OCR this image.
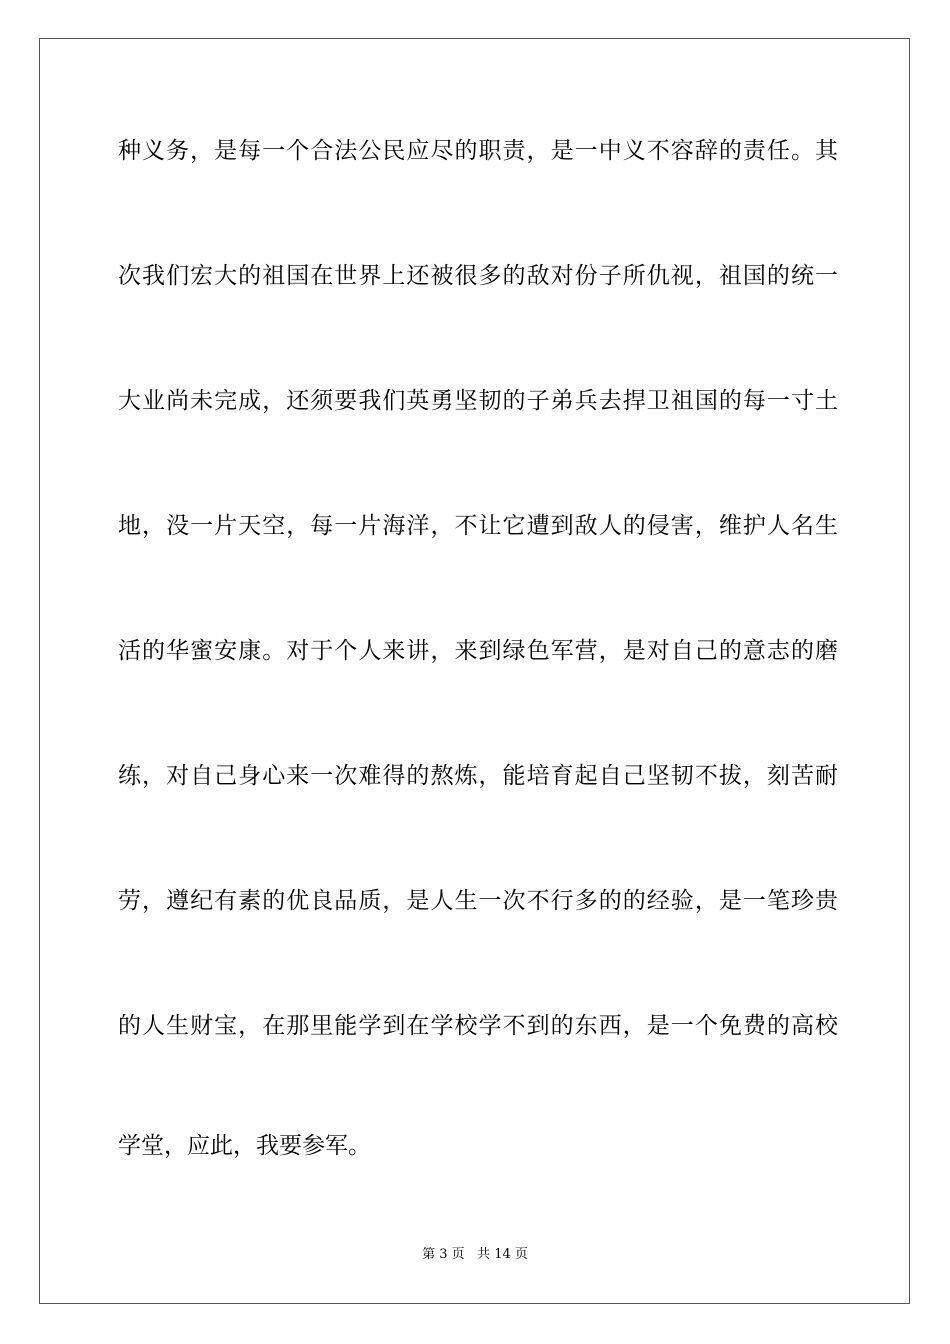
种义务，是每一个合法公民应尽的职责，是一中义不容辞的责任。其
次我们宏大的祖国在世界上还被很多的敌对份子所仇视，祖国的统一
大业尚未完成，还须要我们英勇坚韧的子弟兵去捍卫祖国的每一寸土
地，没一片天空，每一片海洋，不让它遭到敌人的侵害，维护人名生
活的华蜜安康。对于个人来讲，来到绿色军营，是对自己的意志的磨
练，对自己身心来一次难得的熬炼，能培育起自己坚韧不拔，刻苦耐
劳，遵纪有素的优良品质，是人生一次不行多的的经验，是一笔珍贵
的人生财宝，在那里能学到在学校学不到的东西，是一个免费的高校
学堂，应此，我要参军。
第 3 页   共 14 页
